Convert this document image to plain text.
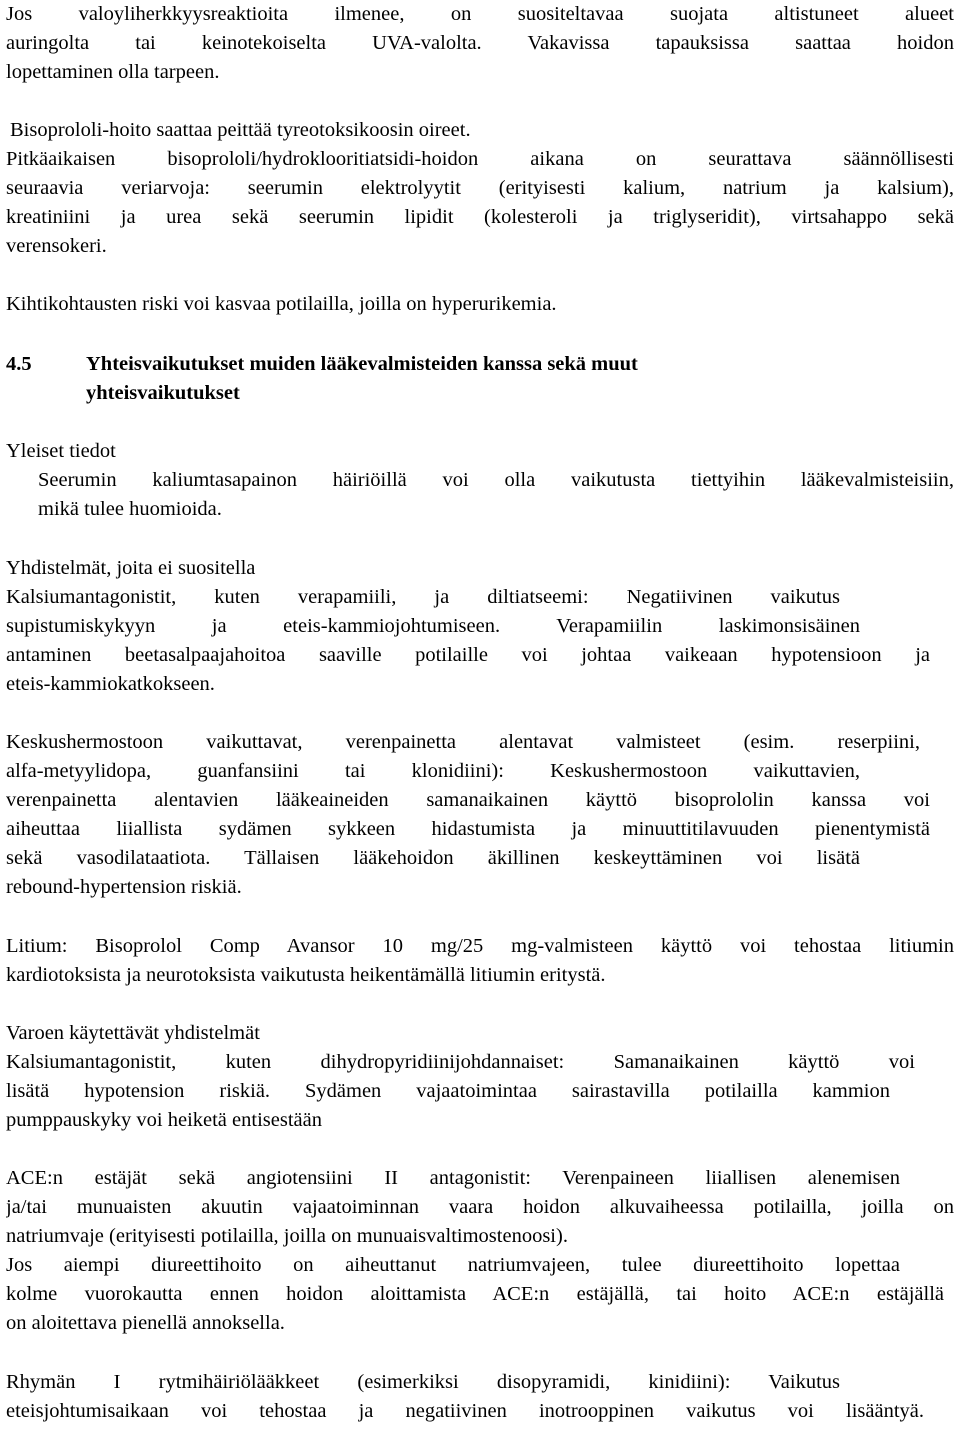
Jos valoyliherkkyysreaktioita ilmenee, on suositeltavaa suojata altistuneet alueet

auringolta tai keinotekoiselta UVA-valolta. Vakavissa tapauksissa saattaa hoidon

lopettaminen olla tarpeen.

Bisoprololi-hoito saattaa peittää tyreotoksikoosin oireet.

Pitkäaikaisen bisoprololi/hydroklooritiatsidi-hoidon aikana on seurattava säännöllisesti

seuraavia veriarvoja: seerumin elektrolyytit (erityisesti kalium, natrium ja kalsium),

kreatiniini ja urea sekä seerumin lipidit (kolesteroli ja triglyseridit), virtsahappo sekä

verensokeri.

Kihtikohtausten riski voi kasvaa potilailla, joilla on hyperurikemia.

4.5	Yhteisvaikutukset muiden lääkevalmisteiden kanssa sekä muut

yhteisvaikutukset

Yleiset tiedot

Seerumin kaliumtasapainon häiriöillä voi olla vaikutusta tiettyihin lääkevalmisteisiin,

mikä tulee huomioida.

Yhdistelmät, joita ei suositella

Kalsiumantagonistit, kuten verapamiili, ja diltiatseemi: Negatiivinen vaikutus

supistumiskykyyn ja eteis-kammiojohtumiseen. Verapamiilin laskimonsisäinen

antaminen beetasalpaajahoitoa saaville potilaille voi johtaa vaikeaan hypotensioon ja

eteis-kammiokatkokseen.

Keskushermostoon vaikuttavat, verenpainetta alentavat valmisteet (esim. reserpiini,

alfa-metyylidopa, guanfansiini tai klonidiini): Keskushermostoon vaikuttavien,

verenpainetta alentavien lääkeaineiden samanaikainen käyttö bisoprololin kanssa voi

aiheuttaa liiallista sydämen sykkeen hidastumista ja minuuttitilavuuden pienentymistä

sekä vasodilataatiota. Tällaisen lääkehoidon äkillinen keskeyttäminen voi lisätä

rebound-hypertension riskiä.

Litium: Bisoprolol Comp Avansor 10 mg/25 mg-valmisteen käyttö voi tehostaa litiumin

kardiotoksista ja neurotoksista vaikutusta heikentämällä litiumin eritystä.

Varoen käytettävät yhdistelmät

Kalsiumantagonistit, kuten dihydropyridiinijohdannaiset: Samanaikainen käyttö voi

lisätä hypotension riskiä. Sydämen vajaatoimintaa sairastavilla potilailla kammion

pumppauskyky voi heiketä entisestään

ACE:n estäjät sekä angiotensiini II antagonistit: Verenpaineen liiallisen alenemisen

ja/tai munuaisten akuutin vajaatoiminnan vaara hoidon alkuvaiheessa potilailla, joilla on

natriumvaje (erityisesti potilailla, joilla on munuaisvaltimostenoosi).

Jos aiempi diureettihoito on aiheuttanut natriumvajeen, tulee diureettihoito lopettaa

kolme vuorokautta ennen hoidon aloittamista ACE:n estäjällä, tai hoito ACE:n estäjällä

on aloitettava pienellä annoksella.

Rhymän I rytmihäiriölääkkeet (esimerkiksi disopyramidi, kinidiini): Vaikutus

eteisjohtumisaikaan voi tehostaa ja negatiivinen inotrooppinen vaikutus voi lisääntyä.
